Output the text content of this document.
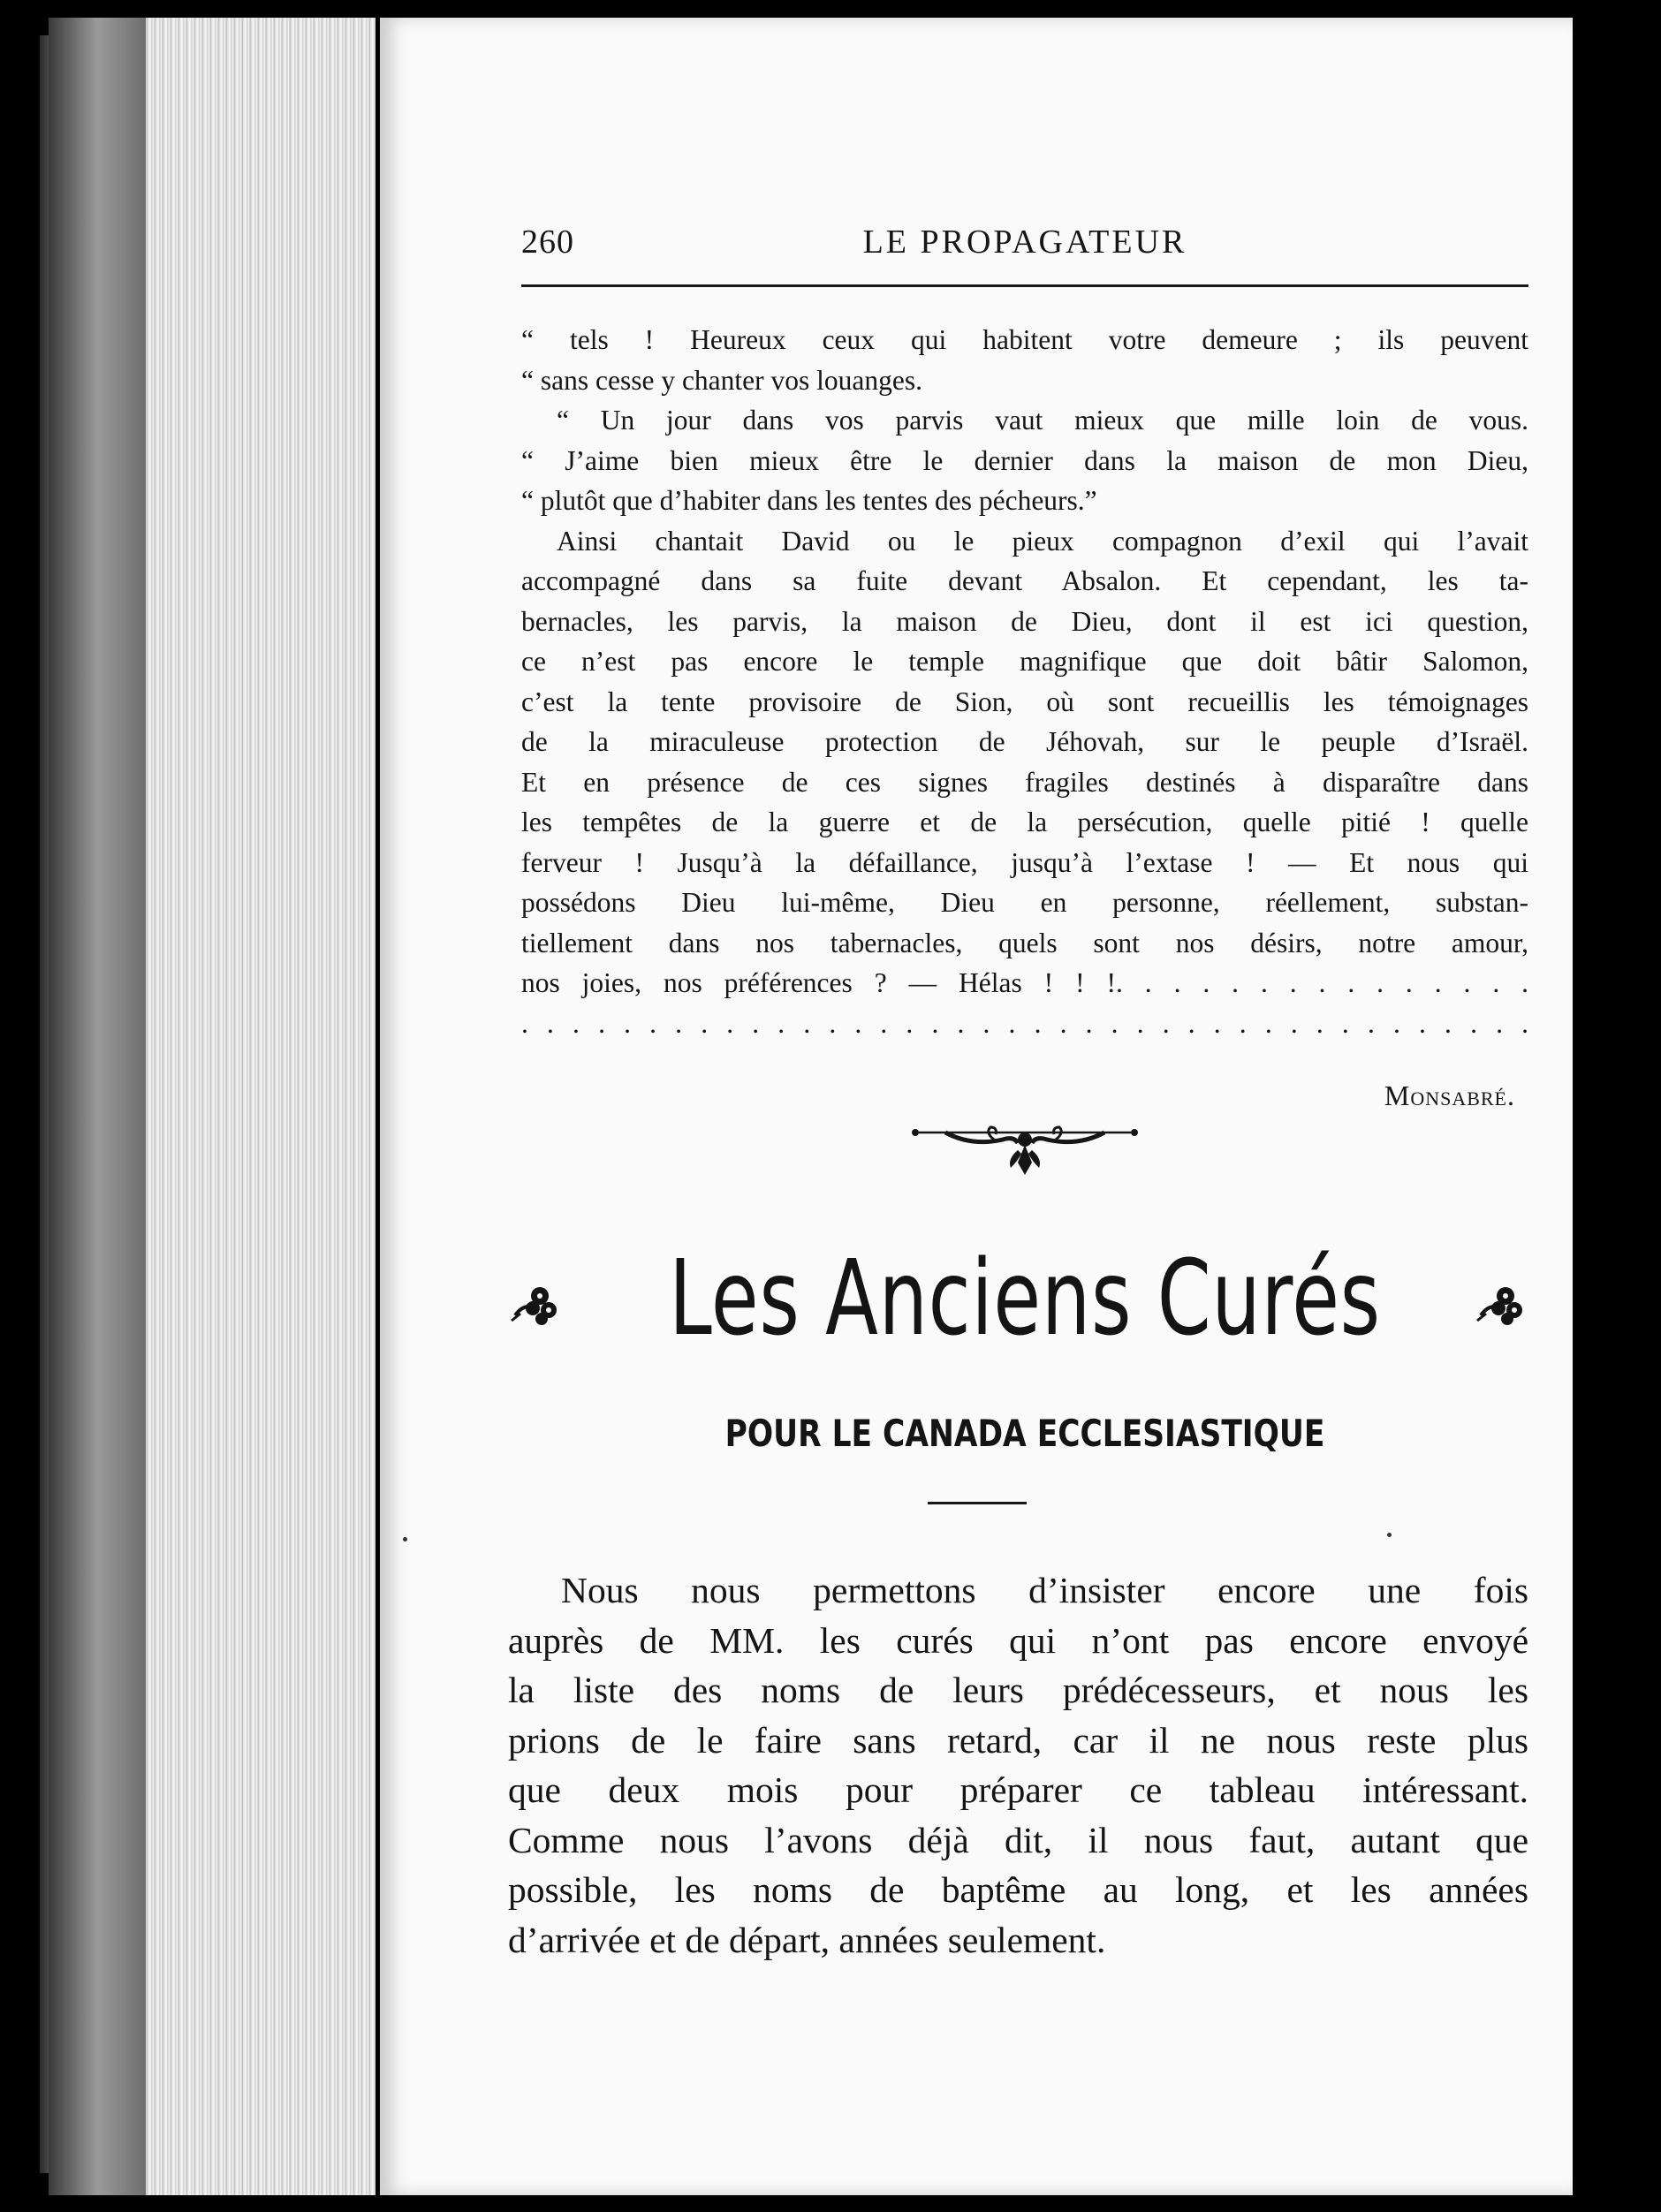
260	LE PROPAGATEUR
“ tels ! Heureux ceux qui habitent votre demeure ; ils peuvent
“ sans cesse y chanter vos louanges.
“ Un jour dans vos parvis vaut mieux que mille loin de vous.
“ J’aime bien mieux être le dernier dans la maison de mon Dieu,
“ plutôt que d’habiter dans les tentes des pécheurs.”
Ainsi chantait David ou le pieux compagnon d’exil qui l’avait
accompagné dans sa fuite devant Absalon. Et cependant, les ta-
bernacles, les parvis, la maison de Dieu, dont il est ici question,
ce n’est pas encore le temple magnifique que doit bâtir Salomon,
c’est la tente provisoire de Sion, où sont recueillis les témoignages
de la miraculeuse protection de Jéhovah, sur le peuple d’Israël.
Et en présence de ces signes fragiles destinés à disparaître dans
les tempêtes de la guerre et de la persécution, quelle pitié ! quelle
ferveur ! Jusqu’à la défaillance, jusqu’à l’extase ! — Et nous qui
possédons Dieu lui-même, Dieu en personne, réellement, substan-
tiellement dans nos tabernacles, quels sont nos désirs, notre amour,
nos joies, nos préférences ? — Hélas ! ! !. . . . . . . . . . . . . . .
. . . . . . . . . . . . . . . . . . . . . . . . . . . . . . . . . . . . . . . .
Monsabré.
Les Anciens Curés
POUR LE CANADA ECCLESIASTIQUE
Nous nous permettons d’insister encore une fois
auprès de MM. les curés qui n’ont pas encore envoyé
la liste des noms de leurs prédécesseurs, et nous les
prions de le faire sans retard, car il ne nous reste plus
que deux mois pour préparer ce tableau intéressant.
Comme nous l’avons déjà dit, il nous faut, autant que
possible, les noms de baptême au long, et les années
d’arrivée et de départ, années seulement.
